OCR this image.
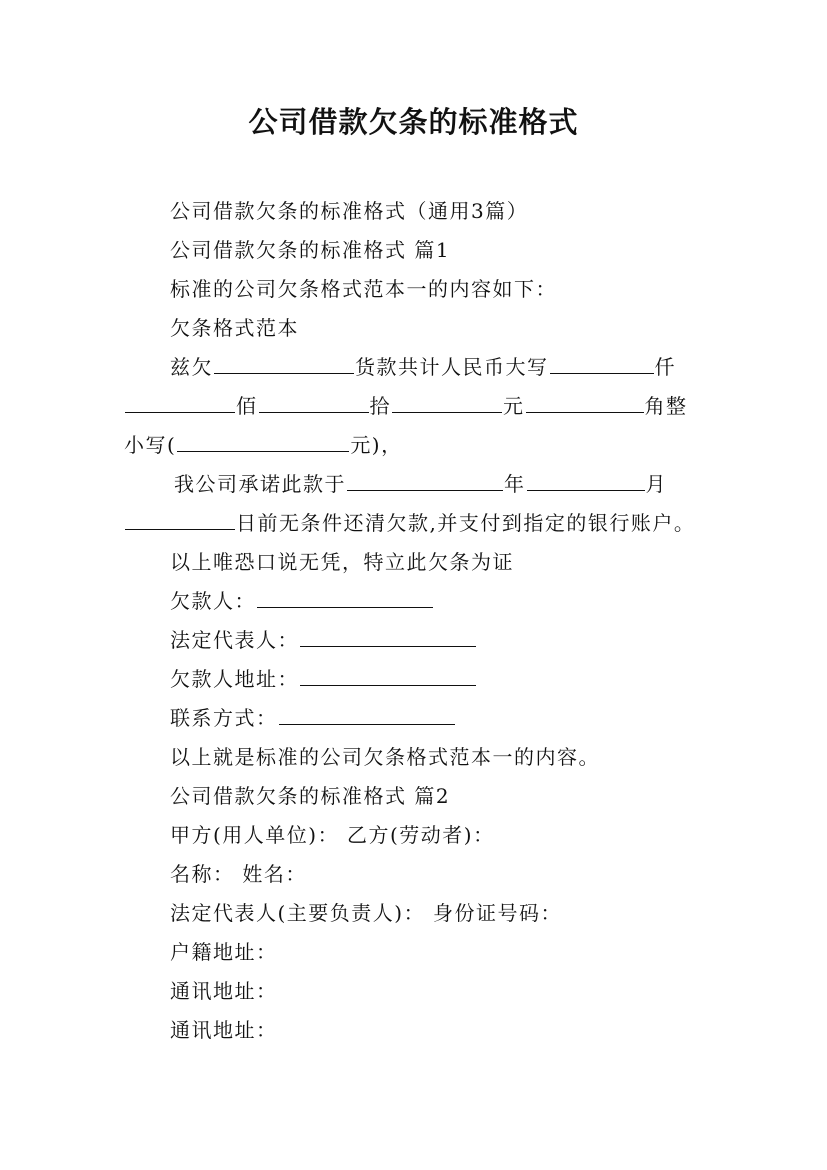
公司借款欠条的标准格式
公司借款欠条的标准格式（通用3篇）
公司借款欠条的标准格式 篇1
标准的公司欠条格式范本一的内容如下：
欠条格式范本
兹欠	货款共计人民币大写	仟
佰	拾	元	角整
小写(	元)，
我公司承诺此款于	年	月
日前无条件还清欠款,并支付到指定的银行账户。
以上唯恐口说无凭，特立此欠条为证
欠款人：
法定代表人：
欠款人地址：
联系方式：
以上就是标准的公司欠条格式范本一的内容。
公司借款欠条的标准格式 篇2
甲方(用人单位)： 乙方(劳动者)：
名称： 姓名：
法定代表人(主要负责人)： 身份证号码：
户籍地址：
通讯地址：
通讯地址：
